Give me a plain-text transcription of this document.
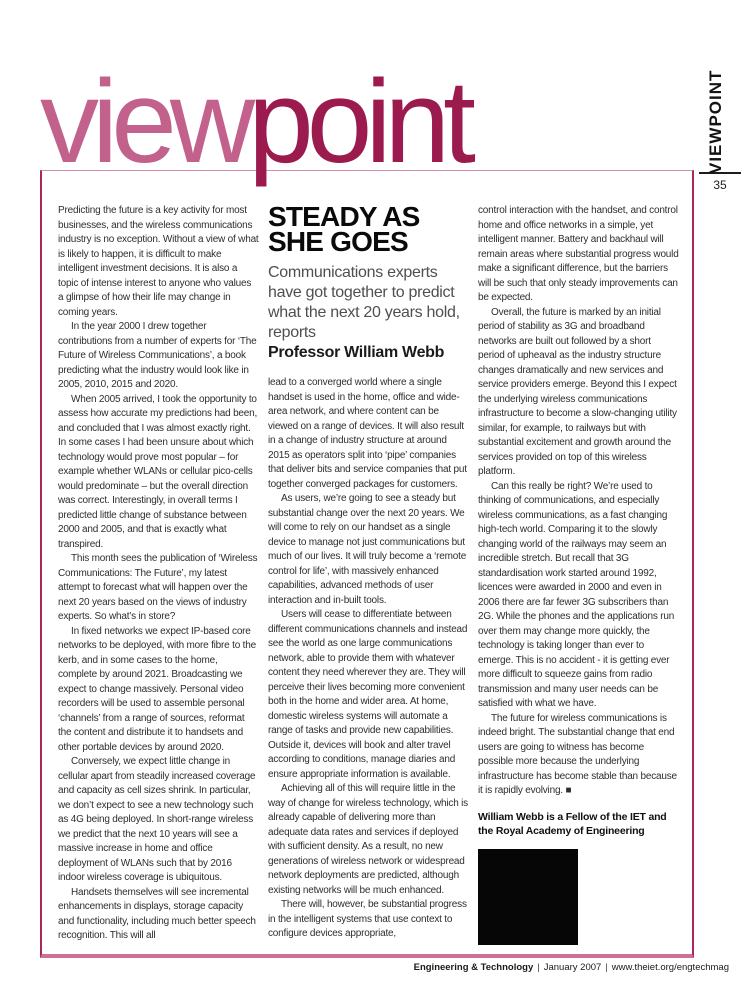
viewpoint	VIEWPOINT
35

Predicting the future is a key activity for most businesses, and the wireless communications industry is no exception. Without a view of what is likely to happen, it is difficult to make intelligent investment decisions. It is also a topic of intense interest to anyone who values a glimpse of how their life may change in coming years.

In the year 2000 I drew together contributions from a number of experts for ‘The Future of Wireless Communications’, a book predicting what the industry would look like in 2005, 2010, 2015 and 2020.

When 2005 arrived, I took the opportunity to assess how accurate my predictions had been, and concluded that I was almost exactly right. In some cases I had been unsure about which technology would prove most popular – for example whether WLANs or cellular pico-cells would predominate – but the overall direction was correct. Interestingly, in overall terms I predicted little change of substance between 2000 and 2005, and that is exactly what transpired.

This month sees the publication of ‘Wireless Communications: The Future’, my latest attempt to forecast what will happen over the next 20 years based on the views of industry experts. So what’s in store?

In fixed networks we expect IP-based core networks to be deployed, with more fibre to the kerb, and in some cases to the home, complete by around 2021. Broadcasting we expect to change massively. Personal video recorders will be used to assemble personal ‘channels’ from a range of sources, reformat the content and distribute it to handsets and other portable devices by around 2020.

Conversely, we expect little change in cellular apart from steadily increased coverage and capacity as cell sizes shrink. In particular, we don’t expect to see a new technology such as 4G being deployed. In short-range wireless we predict that the next 10 years will see a massive increase in home and office deployment of WLANs such that by 2016 indoor wireless coverage is ubiquitous.

Handsets themselves will see incremental enhancements in displays, storage capacity and functionality, including much better speech recognition. This will all

STEADY AS
SHE GOES
Communications experts have got together to predict what the next 20 years hold, reports
Professor William Webb

lead to a converged world where a single handset is used in the home, office and wide-area network, and where content can be viewed on a range of devices. It will also result in a change of industry structure at around 2015 as operators split into ‘pipe’ companies that deliver bits and service companies that put together converged packages for customers.

As users, we’re going to see a steady but substantial change over the next 20 years. We will come to rely on our handset as a single device to manage not just communications but much of our lives. It will truly become a ‘remote control for life’, with massively enhanced capabilities, advanced methods of user interaction and in-built tools.

Users will cease to differentiate between different communications channels and instead see the world as one large communications network, able to provide them with whatever content they need wherever they are. They will perceive their lives becoming more convenient both in the home and wider area. At home, domestic wireless systems will automate a range of tasks and provide new capabilities. Outside it, devices will book and alter travel according to conditions, manage diaries and ensure appropriate information is available.

Achieving all of this will require little in the way of change for wireless technology, which is already capable of delivering more than adequate data rates and services if deployed with sufficient density. As a result, no new generations of wireless network or widespread network deployments are predicted, although existing networks will be much enhanced.

There will, however, be substantial progress in the intelligent systems that use context to configure devices appropriate,

control interaction with the handset, and control home and office networks in a simple, yet intelligent manner. Battery and backhaul will remain areas where substantial progress would make a significant difference, but the barriers will be such that only steady improvements can be expected.

Overall, the future is marked by an initial period of stability as 3G and broadband networks are built out followed by a short period of upheaval as the industry structure changes dramatically and new services and service providers emerge. Beyond this I expect the underlying wireless communications infrastructure to become a slow-changing utility similar, for example, to railways but with substantial excitement and growth around the services provided on top of this wireless platform.

Can this really be right? We’re used to thinking of communications, and especially wireless communications, as a fast changing high-tech world. Comparing it to the slowly changing world of the railways may seem an incredible stretch. But recall that 3G standardisation work started around 1992, licences were awarded in 2000 and even in 2006 there are far fewer 3G subscribers than 2G. While the phones and the applications run over them may change more quickly, the technology is taking longer than ever to emerge. This is no accident - it is getting ever more difficult to squeeze gains from radio transmission and many user needs can be satisfied with what we have.

The future for wireless communications is indeed bright. The substantial change that end users are going to witness has become possible more because the underlying infrastructure has become stable than because it is rapidly evolving. ■

William Webb is a Fellow of the IET and the Royal Academy of Engineering
Engineering & Technology | January 2007 | www.theiet.org/engtechmag
